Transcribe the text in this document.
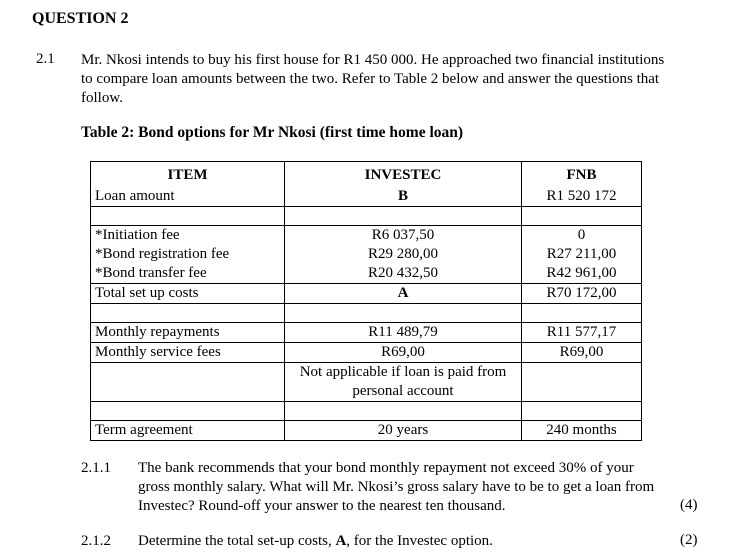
QUESTION 2
2.1 Mr. Nkosi intends to buy his first house for R1 450 000. He approached two financial institutions to compare loan amounts between the two. Refer to Table 2 below and answer the questions that follow.
Table 2: Bond options for Mr Nkosi (first time home loan)
ITEM	INVESTEC	FNB
Loan amount	B	R1 520 172

*Initiation fee	R6 037,50	0
*Bond registration fee	R29 280,00	R27 211,00
*Bond transfer fee	R20 432,50	R42 961,00
Total set up costs	A	R70 172,00

Monthly repayments	R11 489,79	R11 577,17
Monthly service fees	R69,00	R69,00

	Not applicable if loan is paid from
personal account	

Term agreement	20 years	240 months
2.1.1 The bank recommends that your bond monthly repayment not exceed 30% of your gross monthly salary. What will Mr. Nkosi’s gross salary have to be to get a loan from Investec? Round-off your answer to the nearest ten thousand.	(4)
2.1.2 Determine the total set-up costs, A, for the Investec option.	(2)
